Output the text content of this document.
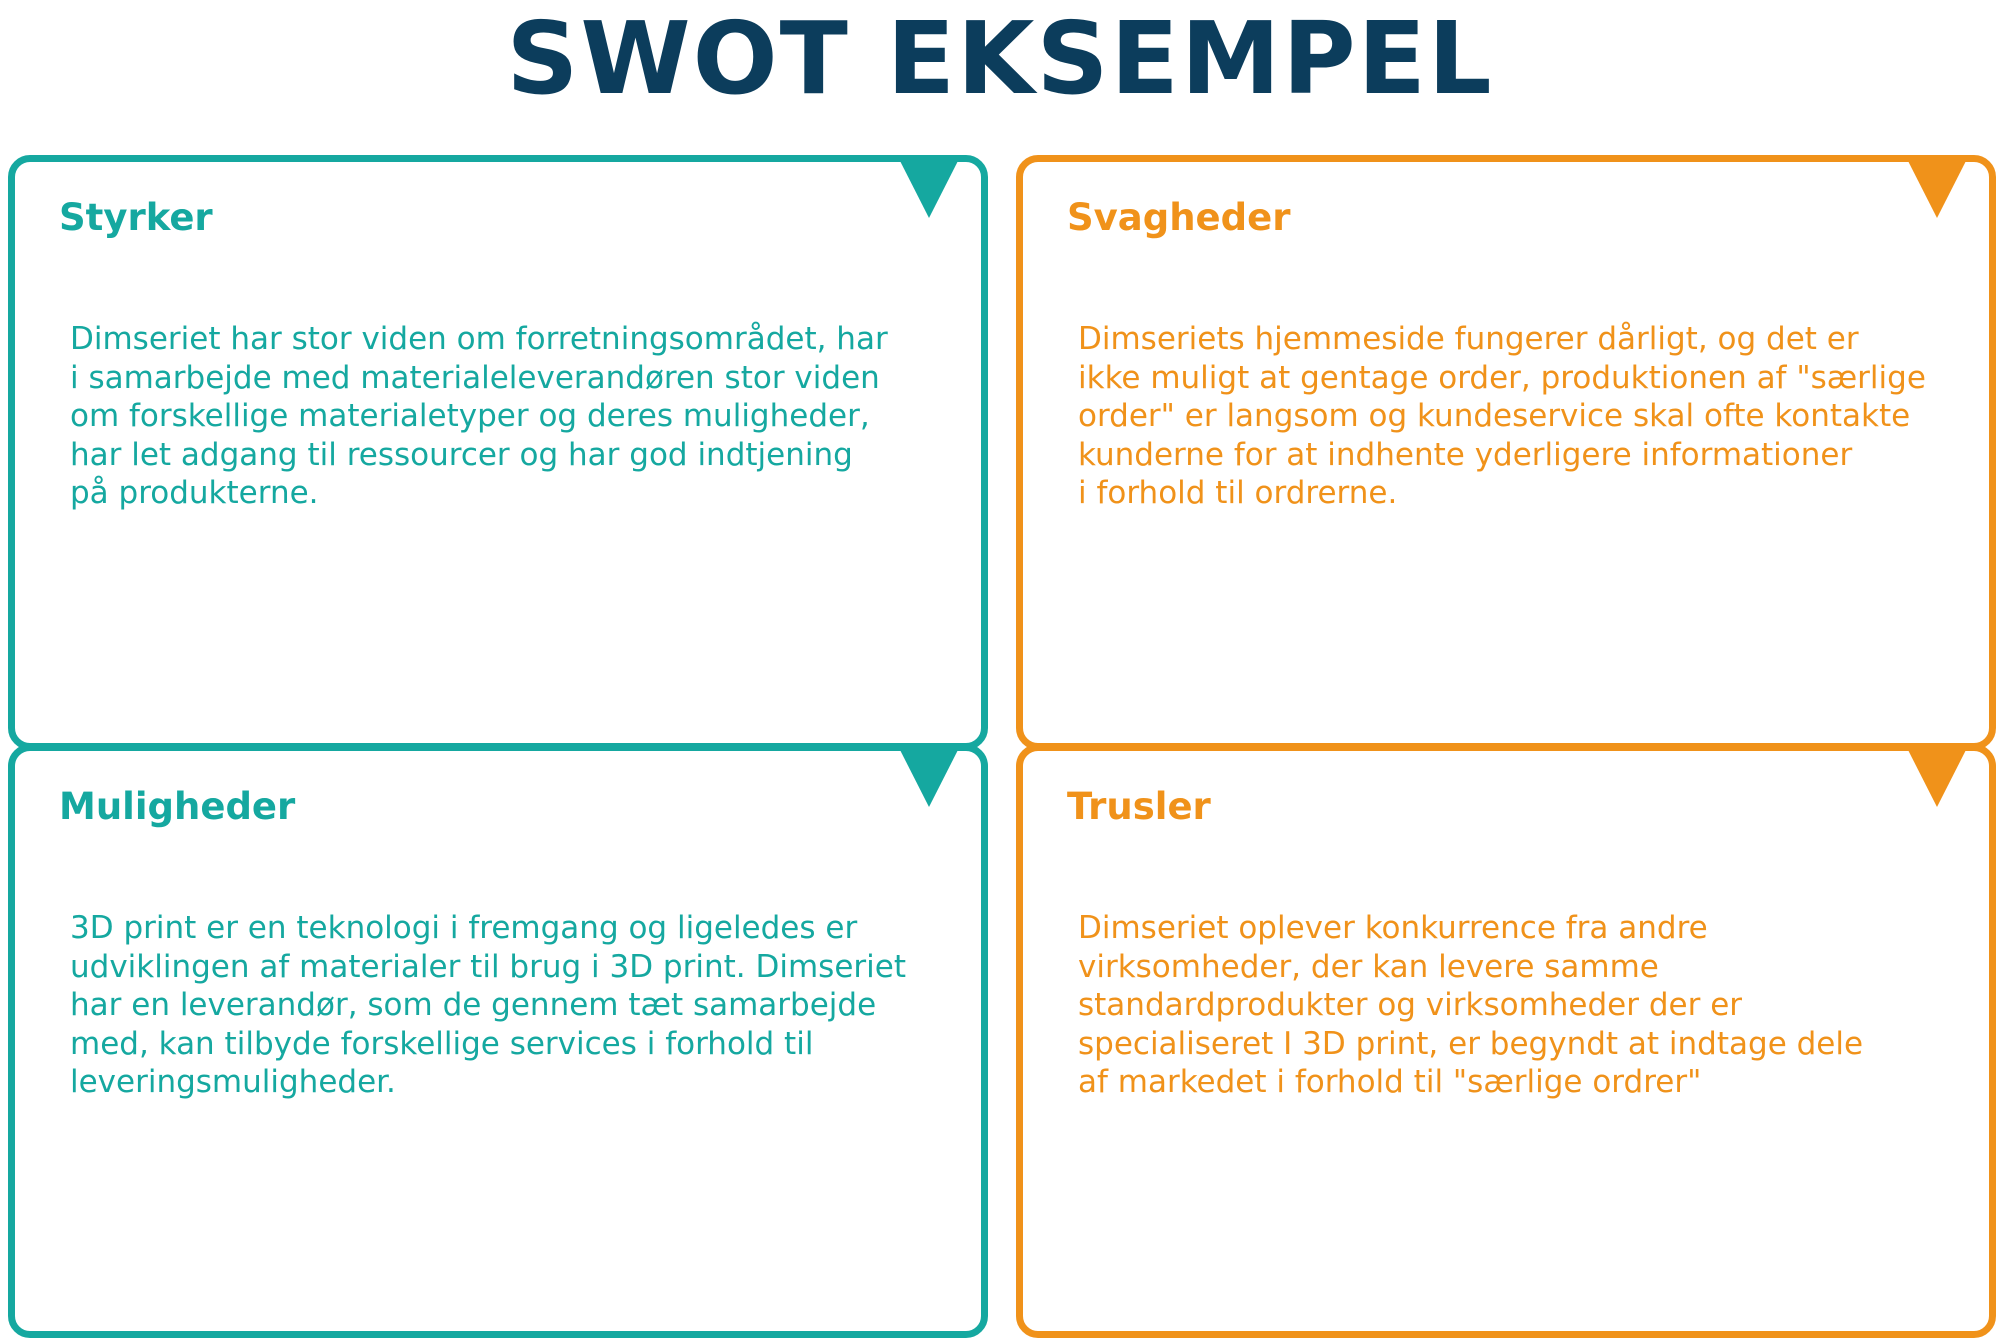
SWOT EKSEMPEL
Styrker

Dimseriet har stor viden om forretningsområdet, har
i samarbejde med materialeleverandøren stor viden
om forskellige materialetyper og deres muligheder,
har let adgang til ressourcer og har god indtjening
på produkterne.

Svagheder

Dimseriets hjemmeside fungerer dårligt, og det er
ikke muligt at gentage order, produktionen af "særlige
order" er langsom og kundeservice skal ofte kontakte
kunderne for at indhente yderligere informationer
i forhold til ordrerne.

Muligheder

3D print er en teknologi i fremgang og ligeledes er
udviklingen af materialer til brug i 3D print. Dimseriet
har en leverandør, som de gennem tæt samarbejde
med, kan tilbyde forskellige services i forhold til
leveringsmuligheder.

Trusler

Dimseriet oplever konkurrence fra andre
virksomheder, der kan levere samme
standardprodukter og virksomheder der er
specialiseret I 3D print, er begyndt at indtage dele
af markedet i forhold til "særlige ordrer"
